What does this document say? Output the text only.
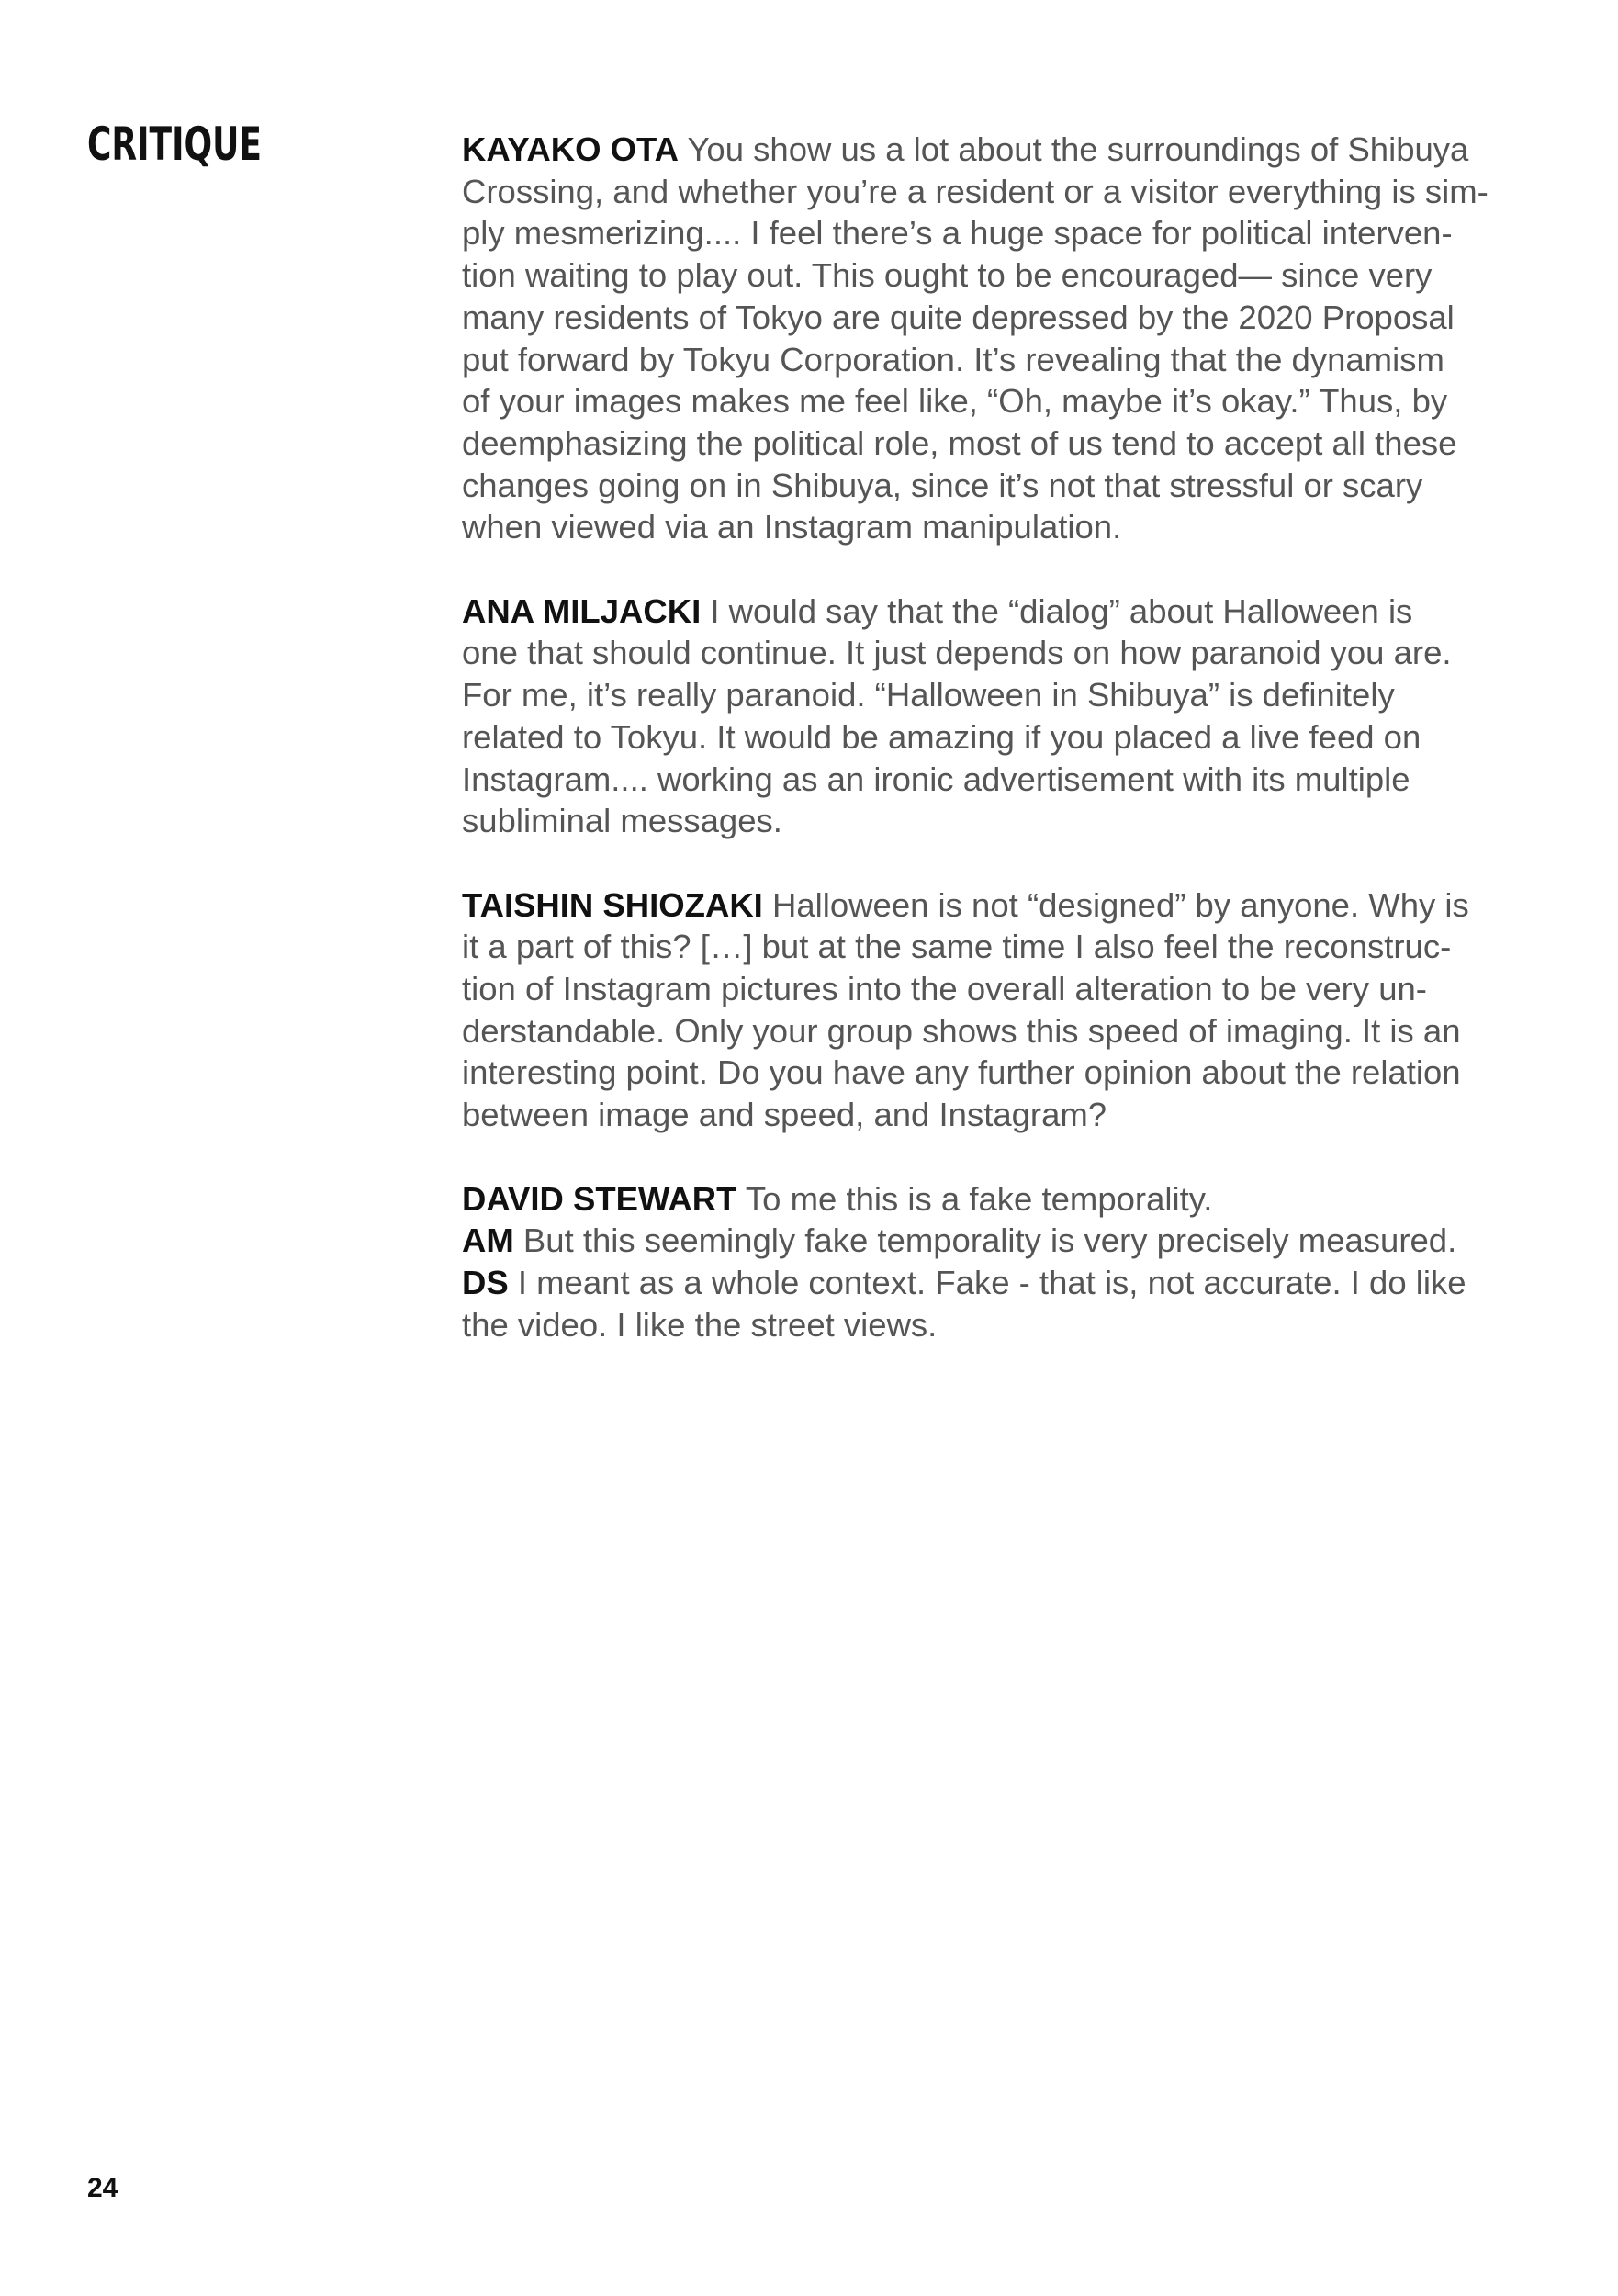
CRITIQUE	KAYAKO OTA You show us a lot about the surroundings of Shibuya
Crossing, and whether you’re a resident or a visitor everything is sim-
ply mesmerizing.... I feel there’s a huge space for political interven-
tion waiting to play out. This ought to be encouraged— since very
many residents of Tokyo are quite depressed by the 2020 Proposal
put forward by Tokyu Corporation. It’s revealing that the dynamism
of your images makes me feel like, “Oh, maybe it’s okay.” Thus, by
deemphasizing the political role, most of us tend to accept all these
changes going on in Shibuya, since it’s not that stressful or scary
when viewed via an Instagram manipulation.

ANA MILJACKI I would say that the “dialog” about Halloween is
one that should continue. It just depends on how paranoid you are.
For me, it’s really paranoid. “Halloween in Shibuya” is definitely
related to Tokyu. It would be amazing if you placed a live feed on
Instagram.... working as an ironic advertisement with its multiple
subliminal messages.

TAISHIN SHIOZAKI Halloween is not “designed” by anyone. Why is
it a part of this? […] but at the same time I also feel the reconstruc-
tion of Instagram pictures into the overall alteration to be very un-
derstandable. Only your group shows this speed of imaging. It is an
interesting point. Do you have any further opinion about the relation
between image and speed, and Instagram?

DAVID STEWART To me this is a fake temporality.

AM But this seemingly fake temporality is very precisely measured.

DS I meant as a whole context. Fake - that is, not accurate. I do like
the video. I like the street views.

24
